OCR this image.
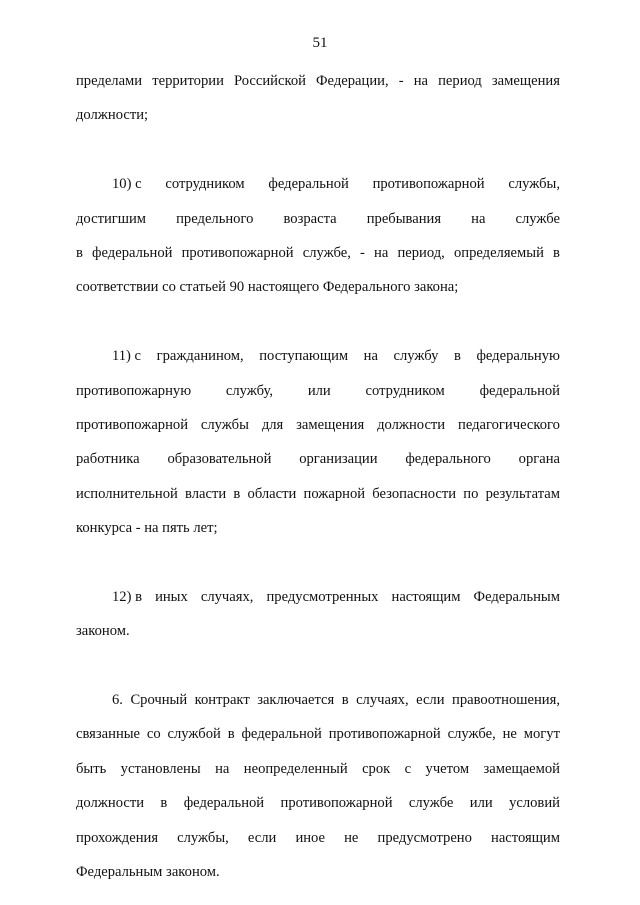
51
пределами территории Российской Федерации, - на период замещения
должности;
10) с сотрудником федеральной противопожарной службы,
достигшим предельного возраста пребывания на службе
в федеральной противопожарной службе, - на период, определяемый в
соответствии со статьей 90 настоящего Федерального закона;
11) с гражданином, поступающим на службу в федеральную
противопожарную службу, или сотрудником федеральной
противопожарной службы для замещения должности педагогического
работника образовательной организации федерального органа
исполнительной власти в области пожарной безопасности по результатам
конкурса - на пять лет;
12) в иных случаях, предусмотренных настоящим Федеральным
законом.
6. Срочный контракт заключается в случаях, если правоотношения,
связанные со службой в федеральной противопожарной службе, не могут
быть установлены на неопределенный срок с учетом замещаемой
должности в федеральной противопожарной службе или условий
прохождения службы, если иное не предусмотрено настоящим
Федеральным законом.
